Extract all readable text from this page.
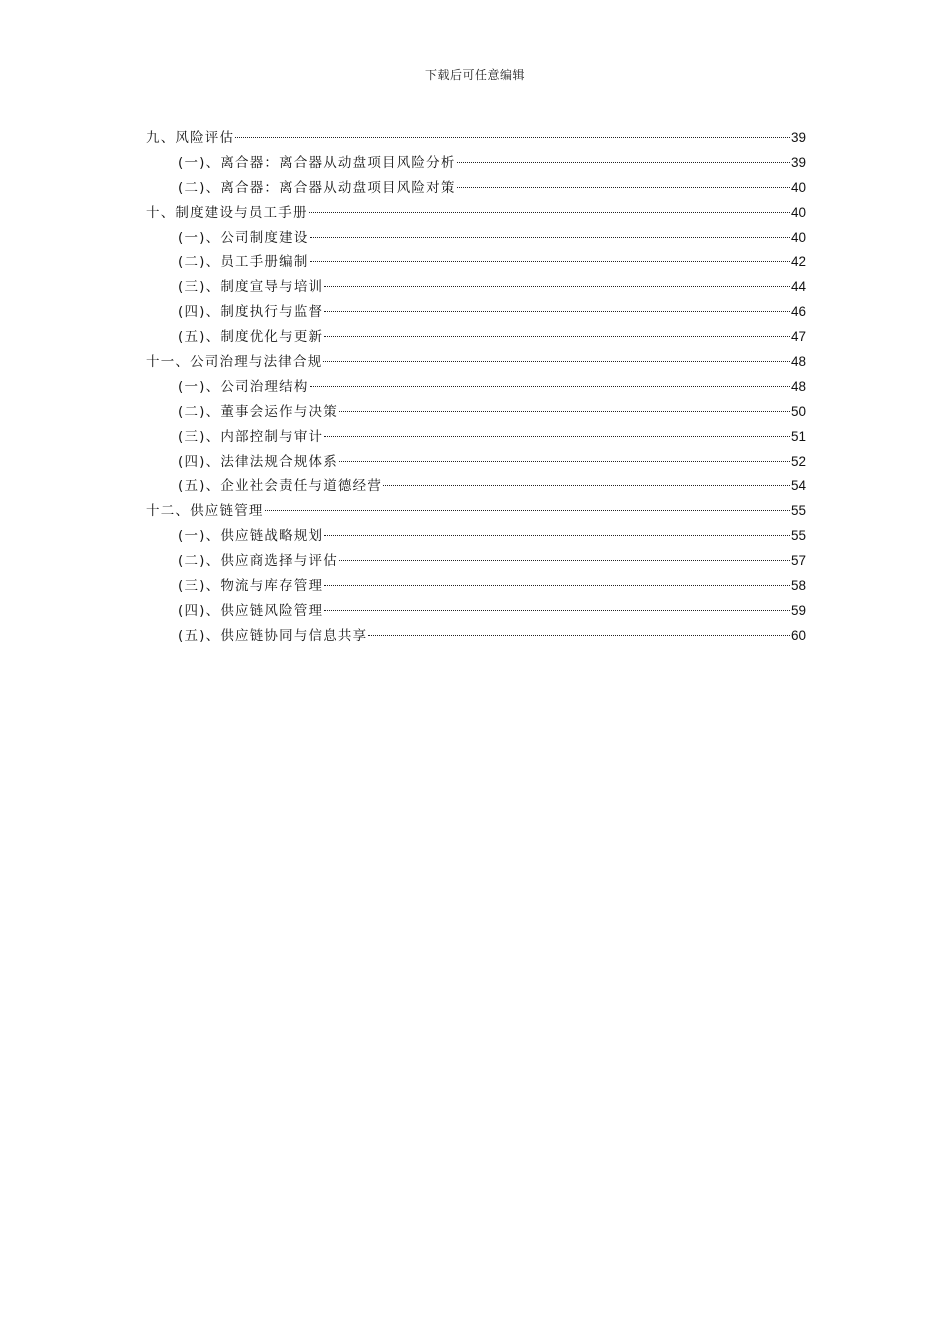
下载后可任意编辑
九、风险评估	39
(一)、离合器：离合器从动盘项目风险分析	39
(二)、离合器：离合器从动盘项目风险对策	40
十、制度建设与员工手册	40
(一)、公司制度建设	40
(二)、员工手册编制	42
(三)、制度宣导与培训	44
(四)、制度执行与监督	46
(五)、制度优化与更新	47
十一、公司治理与法律合规	48
(一)、公司治理结构	48
(二)、董事会运作与决策	50
(三)、内部控制与审计	51
(四)、法律法规合规体系	52
(五)、企业社会责任与道德经营	54
十二、供应链管理	55
(一)、供应链战略规划	55
(二)、供应商选择与评估	57
(三)、物流与库存管理	58
(四)、供应链风险管理	59
(五)、供应链协同与信息共享	60
